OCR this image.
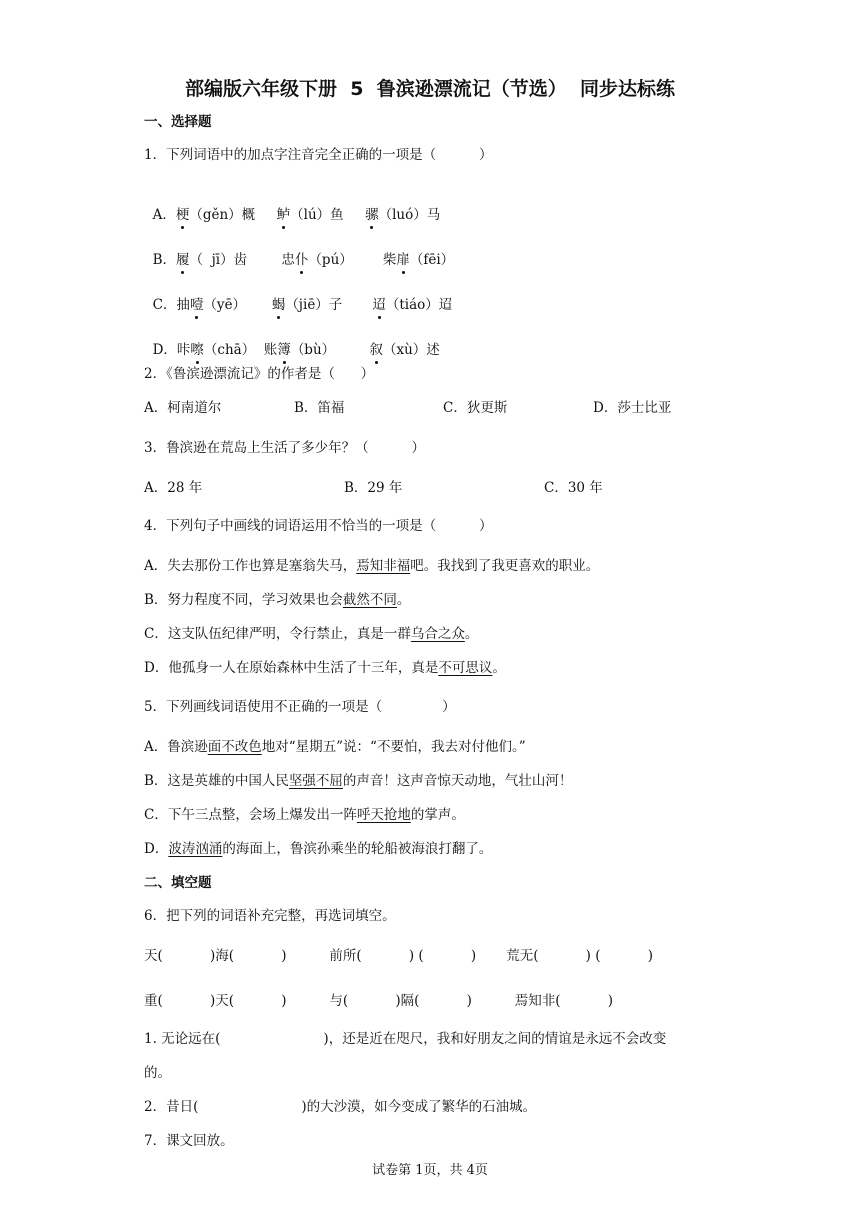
部编版六年级下册  5  鲁滨逊漂流记（节选）  同步达标练
一、选择题
1．下列词语中的加点字注音完全正确的一项是（          ）

A．梗（gěn）概     鲈（lú）鱼     骡（luó）马

B．履（  jī）齿        忠仆（pú）       柴扉（fēi）

C．抽噎（yē）      蝎（jiē）子       迢（tiáo）迢

D．咔嚓（chā）  账簿（bù）        叙（xù）述

2．《鲁滨逊漂流记》的作者是（      ）
A．柯南道尔	B．笛福	C．狄更斯	D．莎士比亚
3．鲁滨逊在荒岛上生活了多少年？（          ）
A．28 年	B．29 年	C．30 年
4．下列句子中画线的词语运用不恰当的一项是（          ）
A．失去那份工作也算是塞翁失马，焉知非福吧。我找到了我更喜欢的职业。
B．努力程度不同，学习效果也会截然不同。
C．这支队伍纪律严明，令行禁止，真是一群乌合之众。
D．他孤身一人在原始森林中生活了十三年，真是不可思议。
5．下列画线词语使用不正确的一项是（              ）
A．鲁滨逊面不改色地对“星期五”说：“不要怕，我去对付他们。”
B．这是英雄的中国人民坚强不屈的声音！这声音惊天动地，气壮山河！
C．下午三点整，会场上爆发出一阵呼天抢地的掌声。
D．波涛汹涌的海面上，鲁滨孙乘坐的轮船被海浪打翻了。
二、填空题
6．把下列的词语补充完整，再选词填空。
天(           )海(           )          前所(           ) (           )       荒无(           ) (           )
重(           )天(           )          与(           )隔(           )          焉知非(           )
1. 无论远在(                        )，还是近在咫尺，我和好朋友之间的情谊是永远不会改变
的。
2．昔日(                        )的大沙漠，如今变成了繁华的石油城。
7．课文回放。
试卷第 1页，共 4页
